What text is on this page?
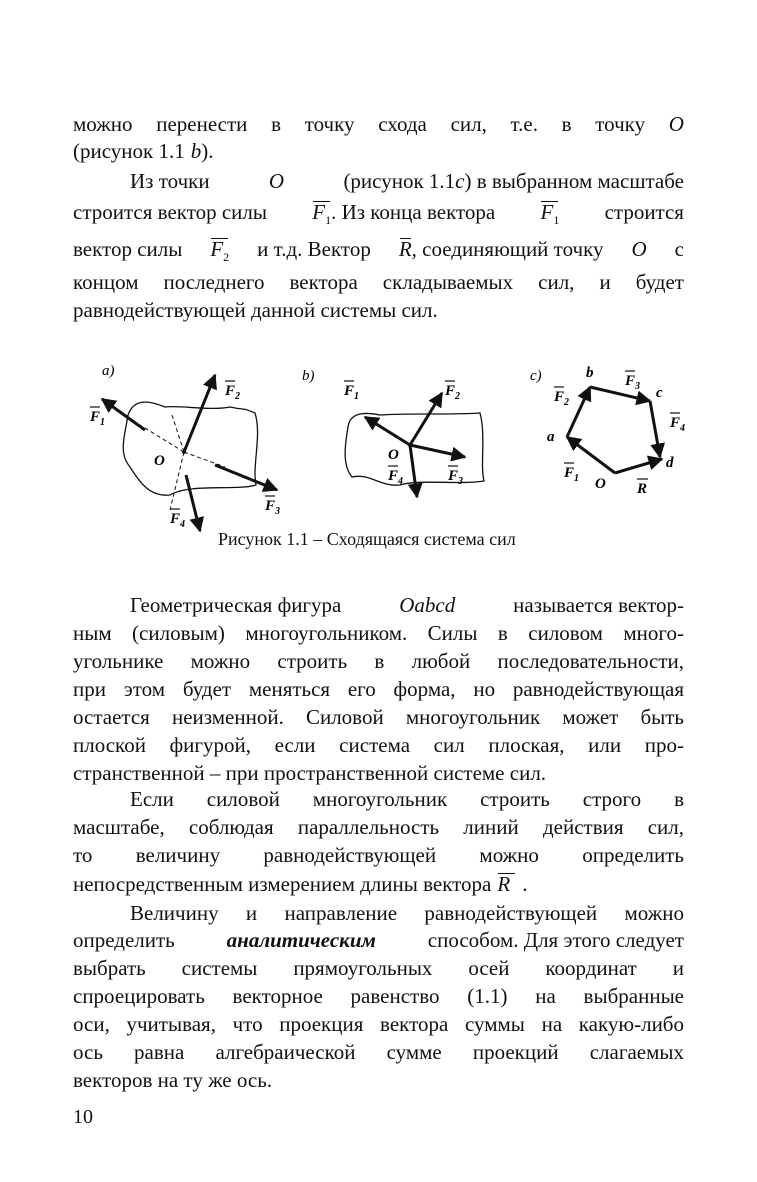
можно перенести в точку схода сил, т.е. в точку O
(рисунок 1.1 b).
Из точки	O	(рисунок 1.1c) в выбранном масштабе
строится вектор силы $F_1$. Из конца вектора $F_1$ строится
вектор силы $F_2$ и т.д. Вектор R, соединяющий точку O с
концом последнего вектора складываемых сил, и будет
равнодействующей данной системы сил.
a)
O
$F_1$
$F_2$
$F_3$
$F_4$
b)
O
$F_1$	$F_2$
$F_3$
$F_4$
c)
O
a
b
c
d
$F_1$
$F_2$
$F_3$
$F_4$
R
Рисунок 1.1 – Сходящаяся система сил
Геометрическая фигура	Oabcd	называется вектор-
ным (силовым) многоугольником. Силы в силовом много-
угольнике можно строить в любой последовательности,
при этом будет меняться его форма, но равнодействующая
остается неизменной. Силовой многоугольник может быть
плоской фигурой, если система сил плоская, или про-
странственной – при пространственной системе сил.
Если силовой многоугольник строить строго в
масштабе, соблюдая параллельность линий действия сил,
то величину равнодействующей можно определить
непосредственным измерением длины вектора R .
Величину и направление равнодействующей можно
определить аналитическим способом. Для этого следует
выбрать системы прямоугольных осей координат и
спроецировать векторное равенство (1.1) на выбранные
оси, учитывая, что проекция вектора суммы на какую-либо
ось равна алгебраической сумме проекций слагаемых
векторов на ту же ось.
10
